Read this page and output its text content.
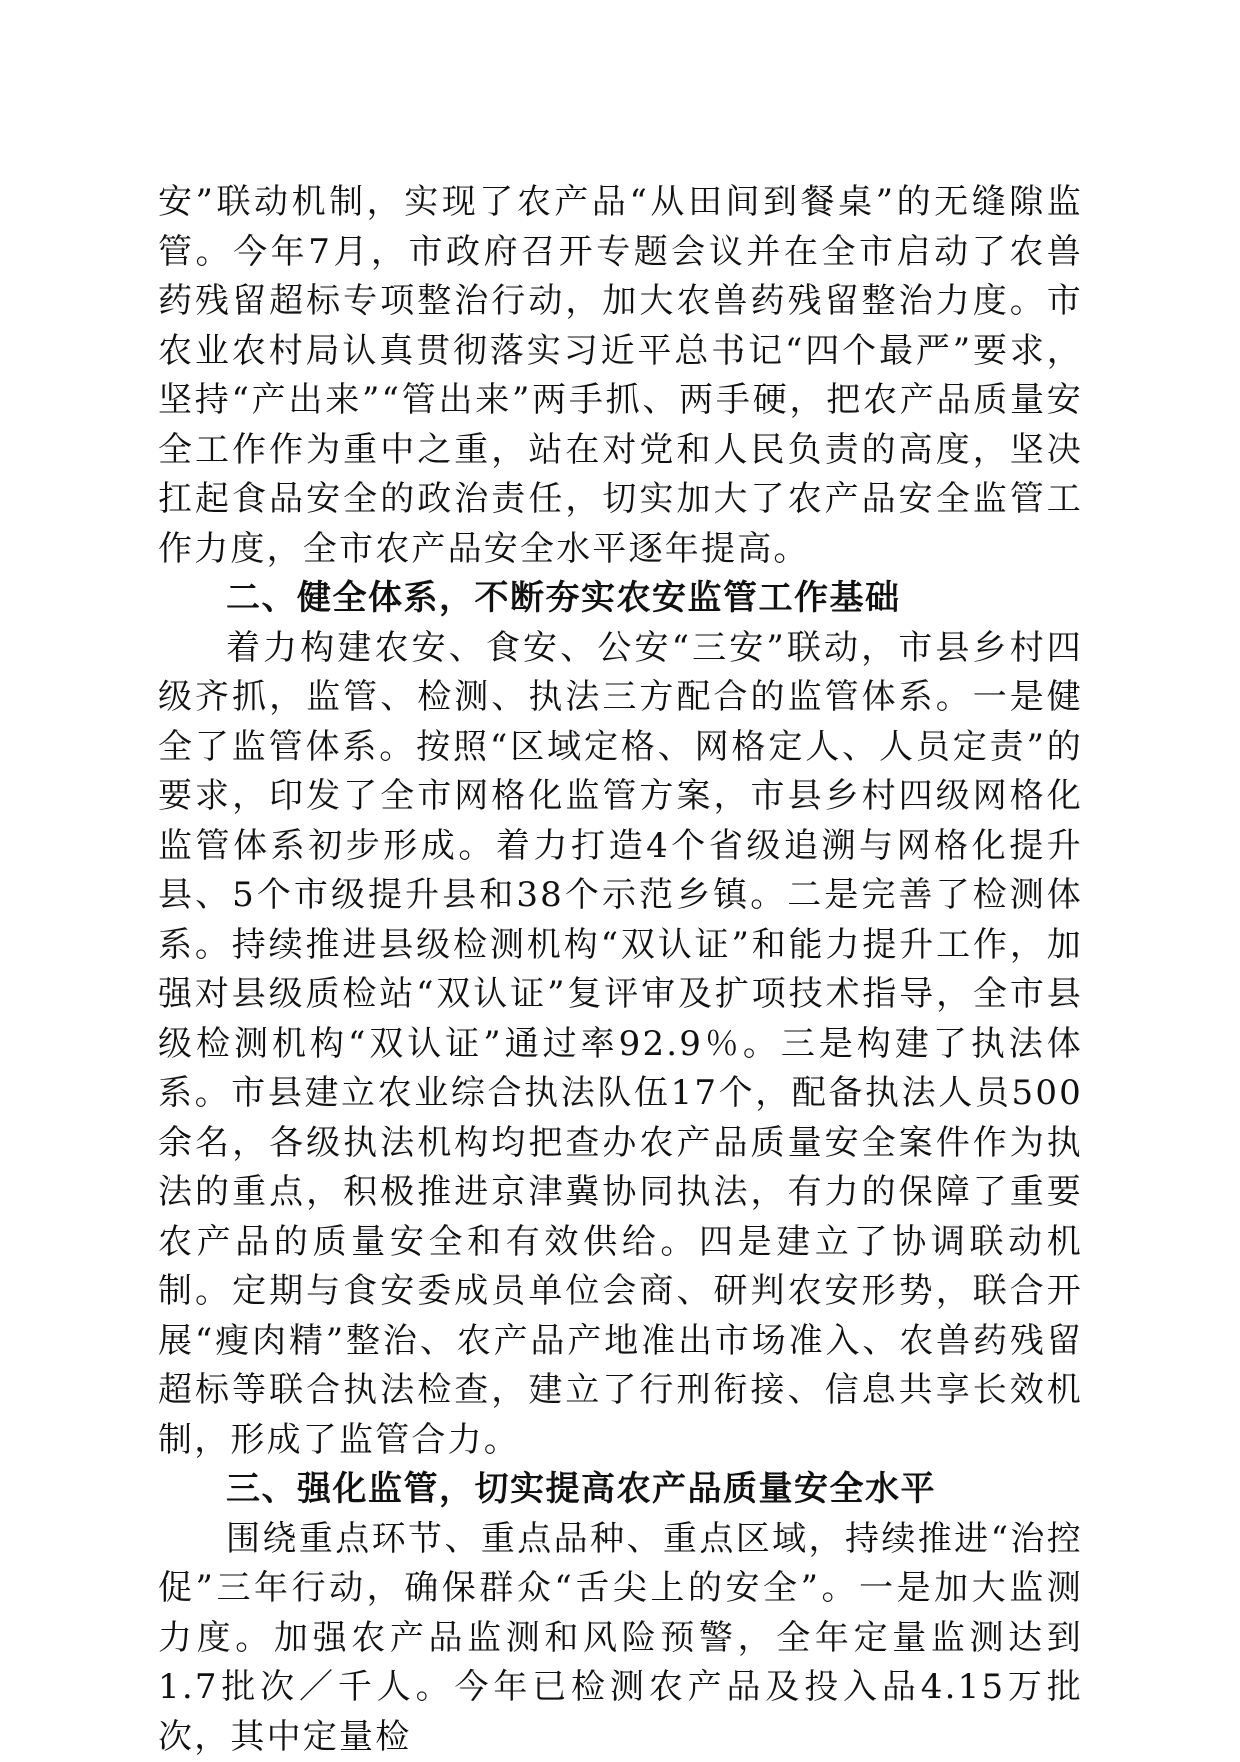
安”联动机制，实现了农产品“从田间到餐桌”的无缝隙监管。今年7月，市政府召开专题会议并在全市启动了农兽药残留超标专项整治行动，加大农兽药残留整治力度。市农业农村局认真贯彻落实习近平总书记“四个最严”要求，坚持“产出来”“管出来”两手抓、两手硬，把农产品质量安全工作作为重中之重，站在对党和人民负责的高度，坚决扛起食品安全的政治责任，切实加大了农产品安全监管工作力度，全市农产品安全水平逐年提高。

二、健全体系，不断夯实农安监管工作基础

着力构建农安、食安、公安“三安”联动，市县乡村四级齐抓，监管、检测、执法三方配合的监管体系。一是健全了监管体系。按照“区域定格、网格定人、人员定责”的要求，印发了全市网格化监管方案，市县乡村四级网格化监管体系初步形成。着力打造4个省级追溯与网格化提升县、5个市级提升县和38个示范乡镇。二是完善了检测体系。持续推进县级检测机构“双认证”和能力提升工作，加强对县级质检站“双认证”复评审及扩项技术指导，全市县级检测机构“双认证”通过率92.9％。三是构建了执法体系。市县建立农业综合执法队伍17个，配备执法人员500余名，各级执法机构均把查办农产品质量安全案件作为执法的重点，积极推进京津冀协同执法，有力的保障了重要农产品的质量安全和有效供给。四是建立了协调联动机制。定期与食安委成员单位会商、研判农安形势，联合开展“瘦肉精”整治、农产品产地准出市场准入、农兽药残留超标等联合执法检查，建立了行刑衔接、信息共享长效机制，形成了监管合力。

三、强化监管，切实提高农产品质量安全水平

围绕重点环节、重点品种、重点区域，持续推进“治控促”三年行动，确保群众“舌尖上的安全”。一是加大监测力度。加强农产品监测和风险预警，全年定量监测达到1.7批次／千人。今年已检测农产品及投入品4.15万批次，其中定量检
